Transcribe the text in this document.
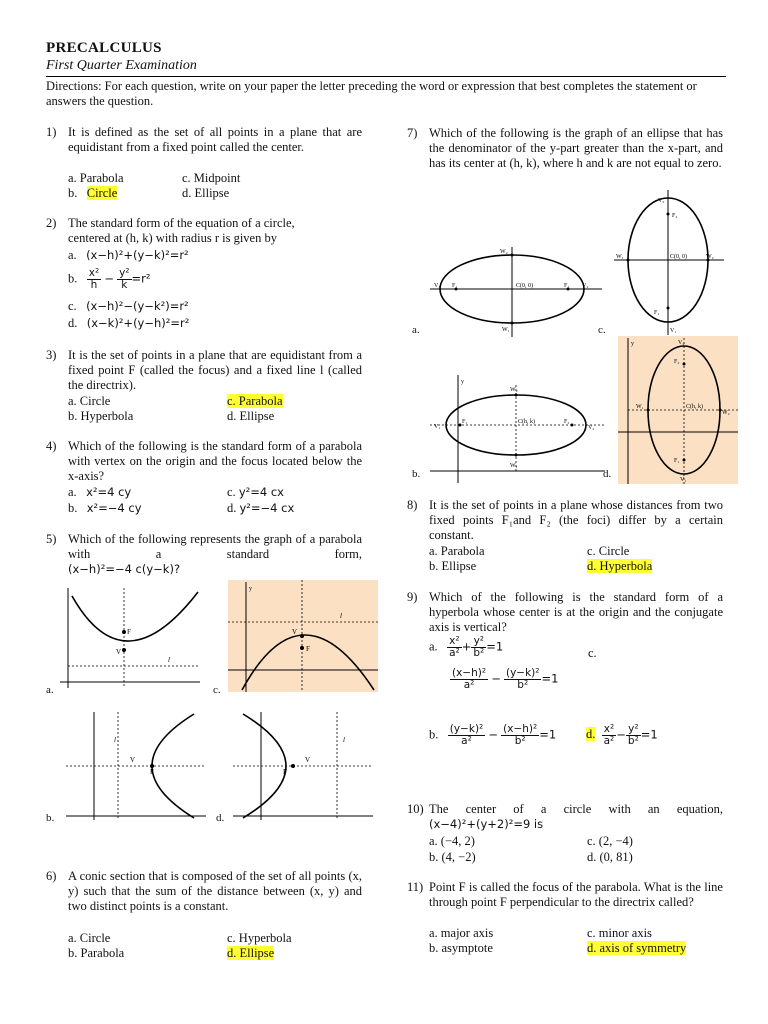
PRECALCULUS
First Quarter Examination
Directions: For each question, write on your paper the letter preceding the word or expression that best completes the statement or answers the question.
1) It is defined as the set of all points in a plane that are equidistant from a fixed point called the center.
a. Parabola	c. Midpoint
b. Circle	d. Ellipse
2) The standard form of the equation of a circle,
centered at (h, k) with radius r is given by
a. (x−h)²+(y−k)²=r²
b. $\frac{\text{x²}}{h} - \frac{\text{y²}}{k} =r^2$
c. (x−h)²−(y−k²)=r²
d. (x−k)²+(y−h)²=r²
3) It is the set of points in a plane that are equidistant from a fixed point F (called the focus) and a fixed line l (called the directrix).
a. Circle	c. Parabola
b. Hyperbola	d. Ellipse
4) Which of the following is the standard form of a parabola with vertex on the origin and the focus located below the x-axis?
a. x²=4 cy	c. y²=4 cx
b. x²=−4 cy	d. y²=−4 cx
5) Which of the following represents the graph of a parabola with a standard form,
(x−h)²=−4 c(y−k)?
F
V
l
a.
V
F
l
y
c.
V
F
l
b.
F
V
l
d.
6) A conic section that is composed of the set of all points (x, y) such that the sum of the distance between (x, y) and two distinct points is a constant.
a. Circle	c. Hyperbola
b. Parabola	d. Ellipse
7) Which of the following is the graph of an ellipse that has the denominator of the y-part greater than the x-part, and has its center at (h, k), where h and k are not equal to zero.
V₁ F₁	F₂ V₂
W₂
W₁
C(0, 0)
a.
V₂
F₂
F₁
V₁
W₁	W₂
C(0, 0)
c.
V₁
F₁	F₂
V₂
W₂
W₁
C(h, k)
y
b.
V₂
F₂
F₁
V₁
W₁
W₂
C(h, k)
y
d.
8) It is the set of points in a plane whose distances from two fixed points F₁and F₂ (the foci) differ by a certain constant.
a. Parabola	c. Circle
b. Ellipse	d. Hyperbola
9) Which of the following is the standard form of a hyperbola whose center is at the origin and the conjugate axis is vertical?
a. $\frac{\text{x²}}{\text{a²}} + \frac{\text{y²}}{\text{b²}} =1$	c.
$\frac{\text{(x−h)²}}{\text{a²}} - \frac{\text{(y−k)²}}{\text{b²}} =1$
b. $\frac{\text{(y−k)²}}{\text{a²}} - \frac{\text{(x−h)²}}{\text{b²}} =1$ d. $\frac{\text{x²}}{\text{a²}} - \frac{\text{y²}}{\text{b²}} =1$
10) The center of a circle with an equation,
(x−4)²+(y+2)²=9 is
a. (−4, 2)	c. (2, −4)
b. (4, −2)	d. (0, 81)
11) Point F is called the focus of the parabola. What is the line through point F perpendicular to the directrix called?
a. major axis	c. minor axis
b. asymptote	d. axis of symmetry
